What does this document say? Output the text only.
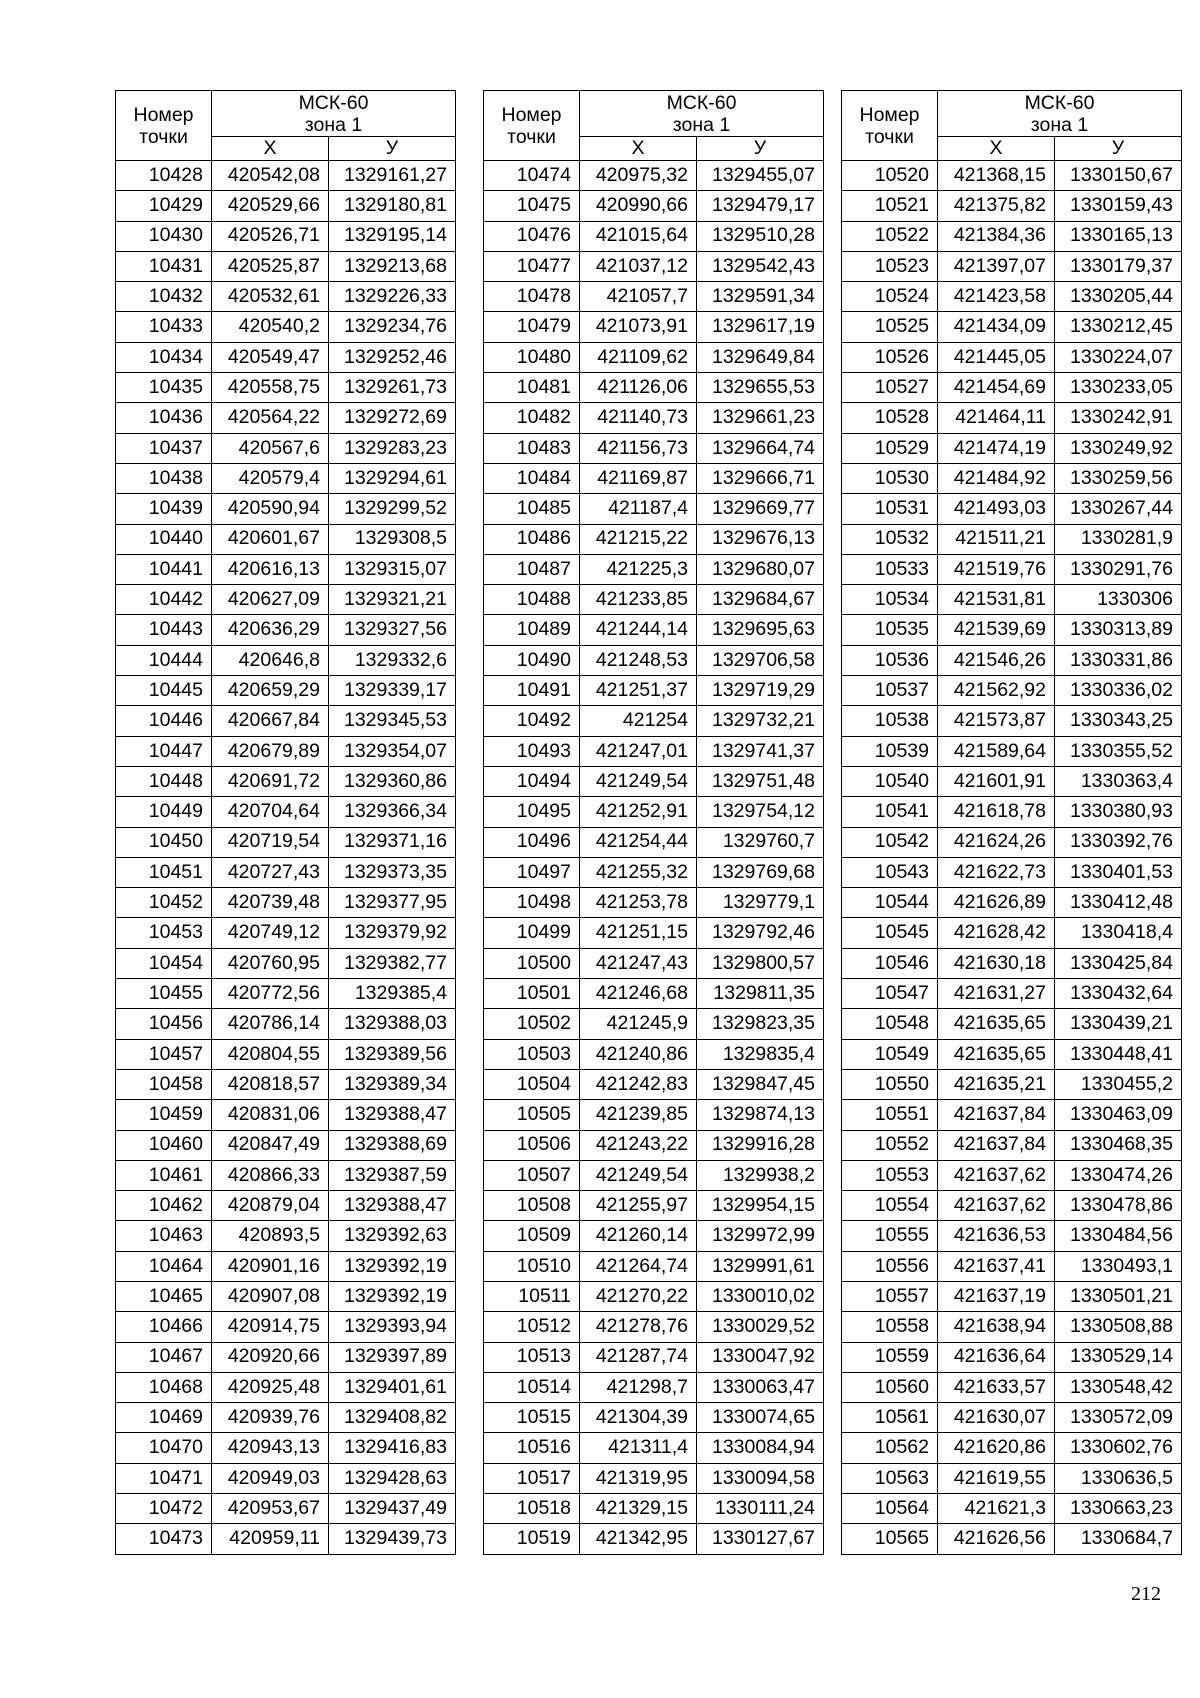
Номер точки	МСК-60
зона 1	
	Х	У
10428	420542,08	1329161,27
10429	420529,66	1329180,81
10430	420526,71	1329195,14
10431	420525,87	1329213,68
10432	420532,61	1329226,33
10433	420540,2	1329234,76
10434	420549,47	1329252,46
10435	420558,75	1329261,73
10436	420564,22	1329272,69
10437	420567,6	1329283,23
10438	420579,4	1329294,61
10439	420590,94	1329299,52
10440	420601,67	1329308,5
10441	420616,13	1329315,07
10442	420627,09	1329321,21
10443	420636,29	1329327,56
10444	420646,8	1329332,6
10445	420659,29	1329339,17
10446	420667,84	1329345,53
10447	420679,89	1329354,07
10448	420691,72	1329360,86
10449	420704,64	1329366,34
10450	420719,54	1329371,16
10451	420727,43	1329373,35
10452	420739,48	1329377,95
10453	420749,12	1329379,92
10454	420760,95	1329382,77
10455	420772,56	1329385,4
10456	420786,14	1329388,03
10457	420804,55	1329389,56
10458	420818,57	1329389,34
10459	420831,06	1329388,47
10460	420847,49	1329388,69
10461	420866,33	1329387,59
10462	420879,04	1329388,47
10463	420893,5	1329392,63
10464	420901,16	1329392,19
10465	420907,08	1329392,19
10466	420914,75	1329393,94
10467	420920,66	1329397,89
10468	420925,48	1329401,61
10469	420939,76	1329408,82
10470	420943,13	1329416,83
10471	420949,03	1329428,63
10472	420953,67	1329437,49
10473	420959,11	1329439,73
Номер точки	МСК-60
зона 1	
	Х	У
10474	420975,32	1329455,07
10475	420990,66	1329479,17
10476	421015,64	1329510,28
10477	421037,12	1329542,43
10478	421057,7	1329591,34
10479	421073,91	1329617,19
10480	421109,62	1329649,84
10481	421126,06	1329655,53
10482	421140,73	1329661,23
10483	421156,73	1329664,74
10484	421169,87	1329666,71
10485	421187,4	1329669,77
10486	421215,22	1329676,13
10487	421225,3	1329680,07
10488	421233,85	1329684,67
10489	421244,14	1329695,63
10490	421248,53	1329706,58
10491	421251,37	1329719,29
10492	421254	1329732,21
10493	421247,01	1329741,37
10494	421249,54	1329751,48
10495	421252,91	1329754,12
10496	421254,44	1329760,7
10497	421255,32	1329769,68
10498	421253,78	1329779,1
10499	421251,15	1329792,46
10500	421247,43	1329800,57
10501	421246,68	1329811,35
10502	421245,9	1329823,35
10503	421240,86	1329835,4
10504	421242,83	1329847,45
10505	421239,85	1329874,13
10506	421243,22	1329916,28
10507	421249,54	1329938,2
10508	421255,97	1329954,15
10509	421260,14	1329972,99
10510	421264,74	1329991,61
10511	421270,22	1330010,02
10512	421278,76	1330029,52
10513	421287,74	1330047,92
10514	421298,7	1330063,47
10515	421304,39	1330074,65
10516	421311,4	1330084,94
10517	421319,95	1330094,58
10518	421329,15	1330111,24
10519	421342,95	1330127,67
Номер точки	МСК-60
зона 1	
	Х	У
10520	421368,15	1330150,67
10521	421375,82	1330159,43
10522	421384,36	1330165,13
10523	421397,07	1330179,37
10524	421423,58	1330205,44
10525	421434,09	1330212,45
10526	421445,05	1330224,07
10527	421454,69	1330233,05
10528	421464,11	1330242,91
10529	421474,19	1330249,92
10530	421484,92	1330259,56
10531	421493,03	1330267,44
10532	421511,21	1330281,9
10533	421519,76	1330291,76
10534	421531,81	1330306
10535	421539,69	1330313,89
10536	421546,26	1330331,86
10537	421562,92	1330336,02
10538	421573,87	1330343,25
10539	421589,64	1330355,52
10540	421601,91	1330363,4
10541	421618,78	1330380,93
10542	421624,26	1330392,76
10543	421622,73	1330401,53
10544	421626,89	1330412,48
10545	421628,42	1330418,4
10546	421630,18	1330425,84
10547	421631,27	1330432,64
10548	421635,65	1330439,21
10549	421635,65	1330448,41
10550	421635,21	1330455,2
10551	421637,84	1330463,09
10552	421637,84	1330468,35
10553	421637,62	1330474,26
10554	421637,62	1330478,86
10555	421636,53	1330484,56
10556	421637,41	1330493,1
10557	421637,19	1330501,21
10558	421638,94	1330508,88
10559	421636,64	1330529,14
10560	421633,57	1330548,42
10561	421630,07	1330572,09
10562	421620,86	1330602,76
10563	421619,55	1330636,5
10564	421621,3	1330663,23
10565	421626,56	1330684,7
212
